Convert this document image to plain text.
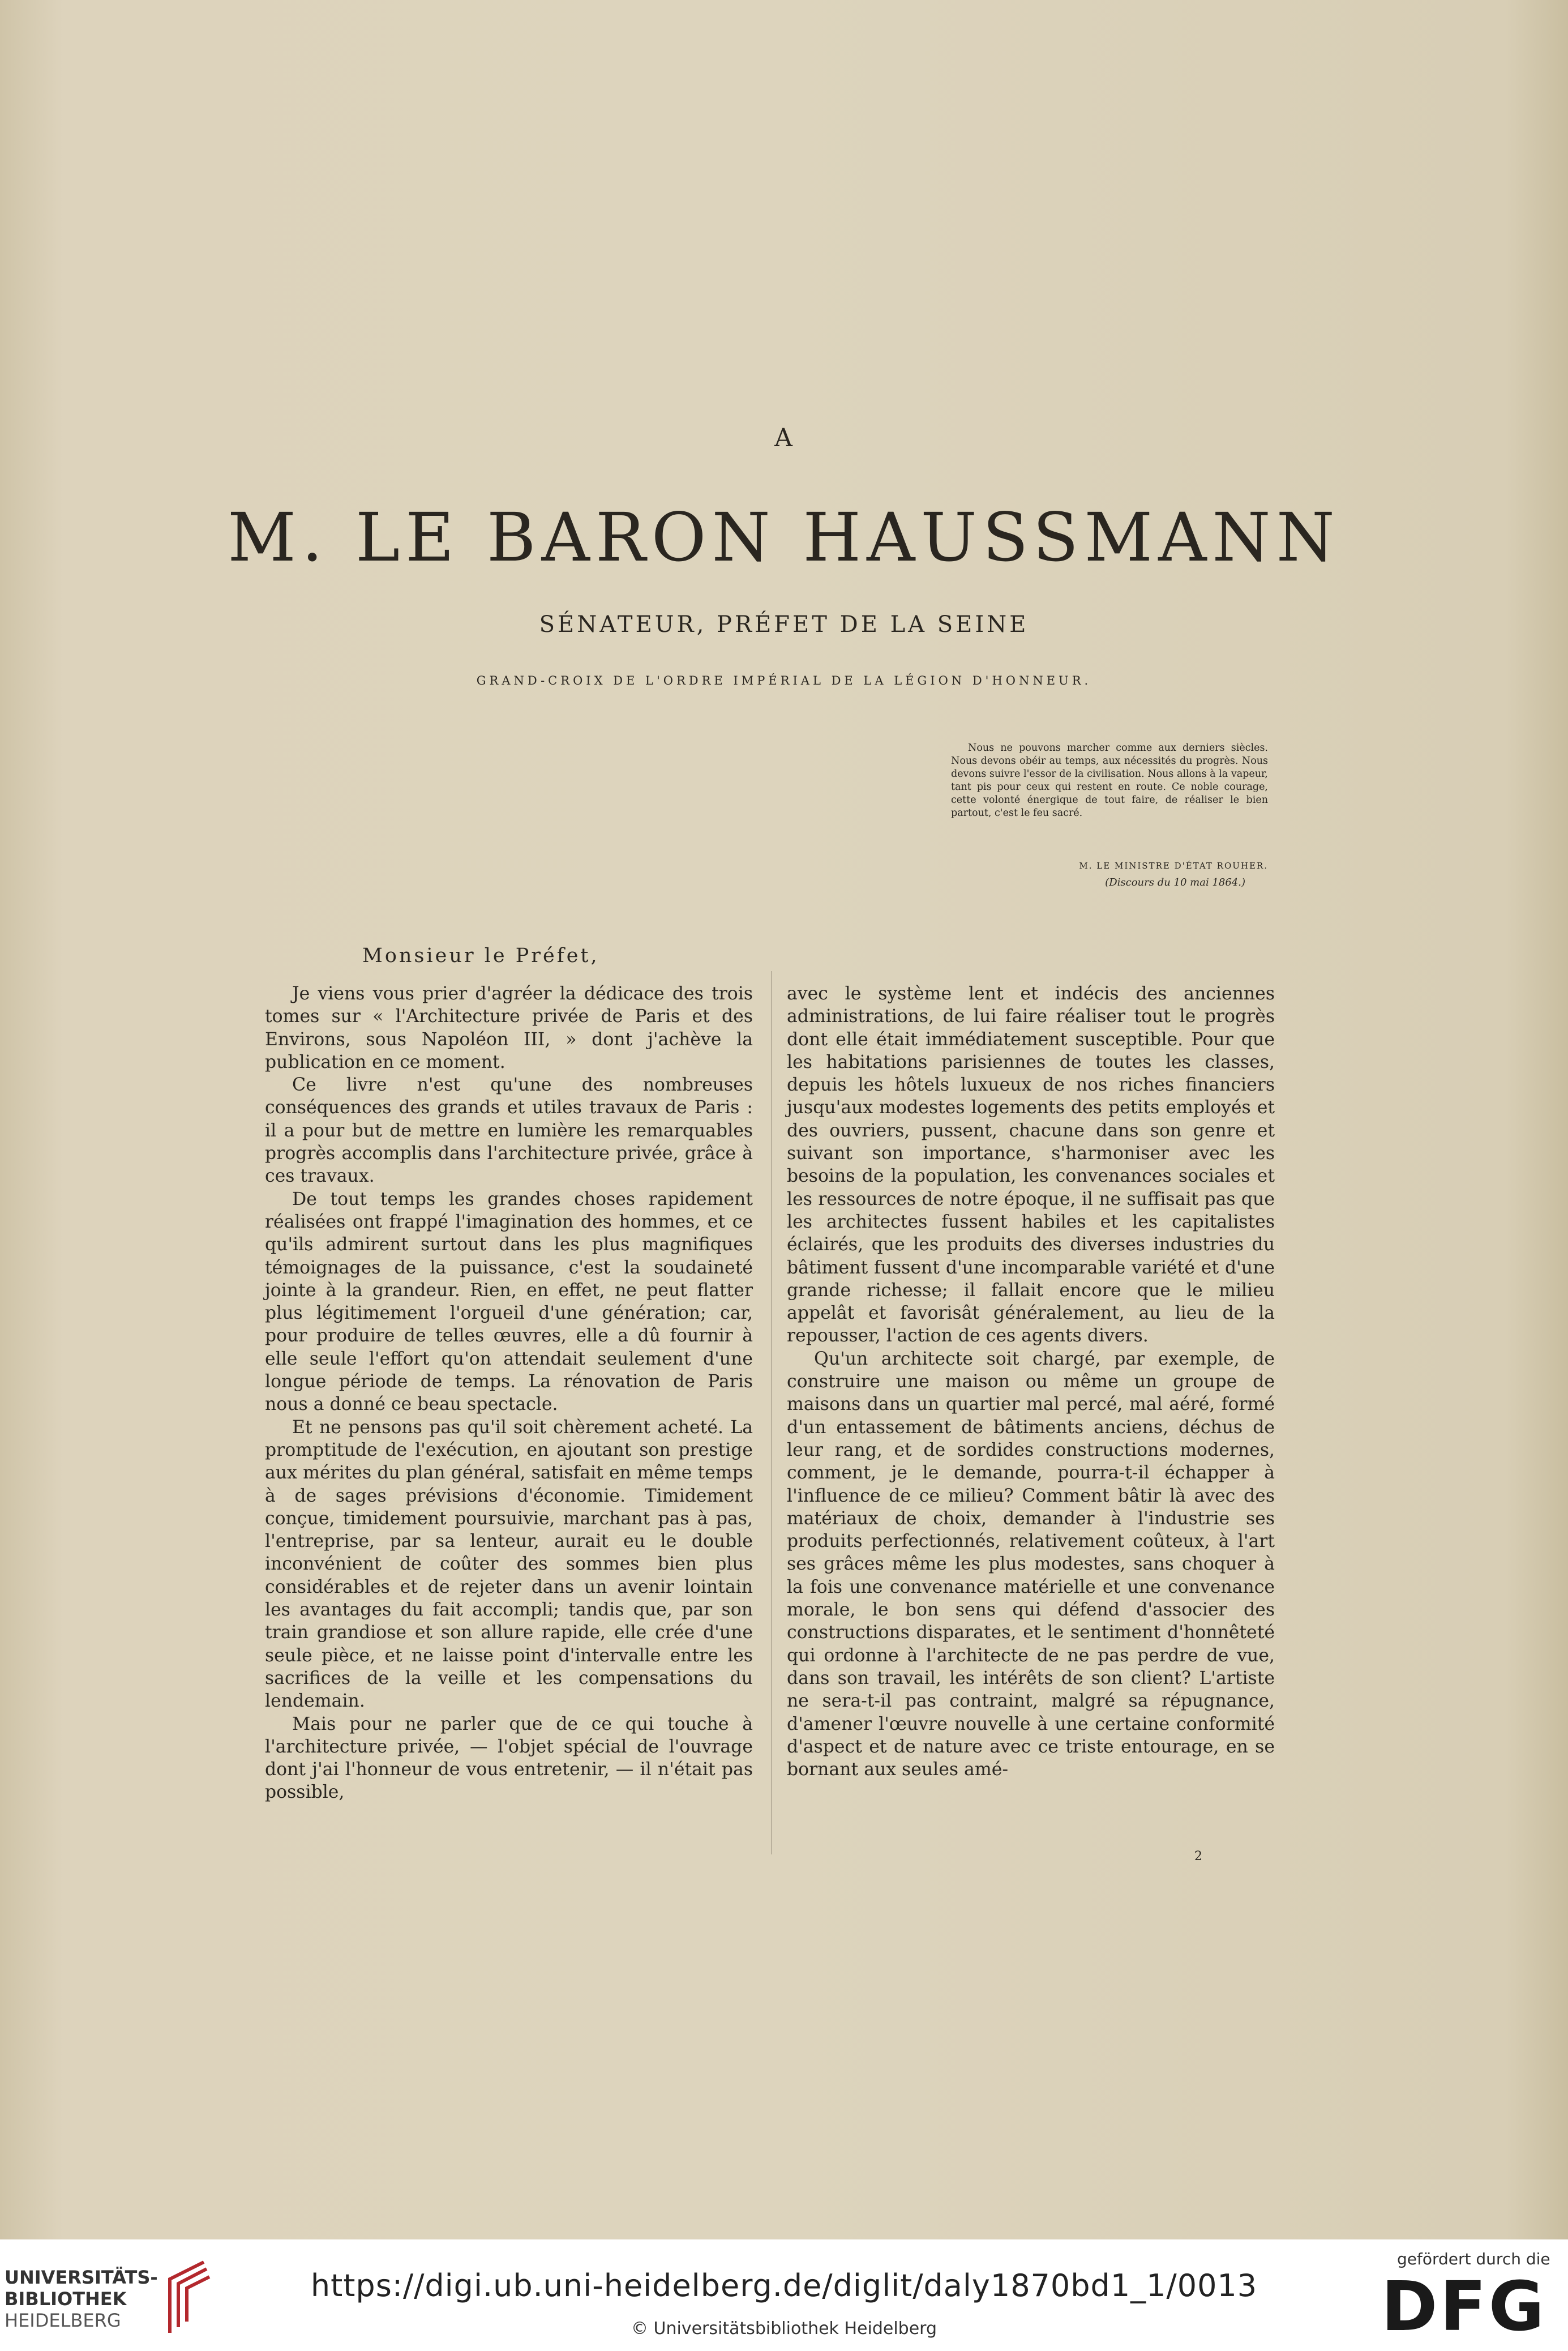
A
M. LE BARON HAUSSMANN
SÉNATEUR, PRÉFET DE LA SEINE
GRAND-CROIX DE L'ORDRE IMPÉRIAL DE LA LÉGION D'HONNEUR.

Nous ne pouvons marcher comme aux derniers siècles. Nous devons obéir au temps, aux nécessités du progrès. Nous devons suivre l'essor de la civilisation. Nous allons à la vapeur, tant pis pour ceux qui restent en route. Ce noble courage, cette volonté énergique de tout faire, de réaliser le bien partout, c'est le feu sacré.

M. LE MINISTRE D'ÉTAT ROUHER.
(Discours du 10 mai 1864.)
Monsieur le Préfet,

Je viens vous prier d'agréer la dédicace des trois tomes sur « l'Architecture privée de Paris et des Environs, sous Napoléon III, » dont j'achève la publication en ce moment.

Ce livre n'est qu'une des nombreuses conséquences des grands et utiles travaux de Paris : il a pour but de mettre en lumière les remarquables progrès accomplis dans l'architecture privée, grâce à ces travaux.

De tout temps les grandes choses rapidement réalisées ont frappé l'imagination des hommes, et ce qu'ils admirent surtout dans les plus magnifiques témoignages de la puissance, c'est la soudaineté jointe à la grandeur. Rien, en effet, ne peut flatter plus légitimement l'orgueil d'une génération; car, pour produire de telles œuvres, elle a dû fournir à elle seule l'effort qu'on attendait seulement d'une longue période de temps. La rénovation de Paris nous a donné ce beau spectacle.

Et ne pensons pas qu'il soit chèrement acheté. La promptitude de l'exécution, en ajoutant son prestige aux mérites du plan général, satisfait en même temps à de sages prévisions d'économie. Timidement conçue, timidement poursuivie, marchant pas à pas, l'entreprise, par sa lenteur, aurait eu le double inconvénient de coûter des sommes bien plus considérables et de rejeter dans un avenir lointain les avantages du fait accompli; tandis que, par son train grandiose et son allure rapide, elle crée d'une seule pièce, et ne laisse point d'intervalle entre les sacrifices de la veille et les compensations du lendemain.

Mais pour ne parler que de ce qui touche à l'architecture privée, — l'objet spécial de l'ouvrage dont j'ai l'honneur de vous entretenir, — il n'était pas possible,

avec le système lent et indécis des anciennes administrations, de lui faire réaliser tout le progrès dont elle était immédiatement susceptible. Pour que les habitations parisiennes de toutes les classes, depuis les hôtels luxueux de nos riches financiers jusqu'aux modestes logements des petits employés et des ouvriers, pussent, chacune dans son genre et suivant son importance, s'harmoniser avec les besoins de la population, les convenances sociales et les ressources de notre époque, il ne suffisait pas que les architectes fussent habiles et les capitalistes éclairés, que les produits des diverses industries du bâtiment fussent d'une incomparable variété et d'une grande richesse; il fallait encore que le milieu appelât et favorisât généralement, au lieu de la repousser, l'action de ces agents divers.

Qu'un architecte soit chargé, par exemple, de construire une maison ou même un groupe de maisons dans un quartier mal percé, mal aéré, formé d'un entassement de bâtiments anciens, déchus de leur rang, et de sordides constructions modernes, comment, je le demande, pourra-t-il échapper à l'influence de ce milieu? Comment bâtir là avec des matériaux de choix, demander à l'industrie ses produits perfectionnés, relativement coûteux, à l'art ses grâces même les plus modestes, sans choquer à la fois une convenance matérielle et une convenance morale, le bon sens qui défend d'associer des constructions disparates, et le sentiment d'honnêteté qui ordonne à l'architecte de ne pas perdre de vue, dans son travail, les intérêts de son client? L'artiste ne sera-t-il pas contraint, malgré sa répugnance, d'amener l'œuvre nouvelle à une certaine conformité d'aspect et de nature avec ce triste entourage, en se bornant aux seules amé-

2
UNIVERSITÄTS-
BIBLIOTHEK
HEIDELBERG
https://digi.ub.uni-heidelberg.de/diglit/daly1870bd1_1/0013
© Universitätsbibliothek Heidelberg
gefördert durch die
DFG
